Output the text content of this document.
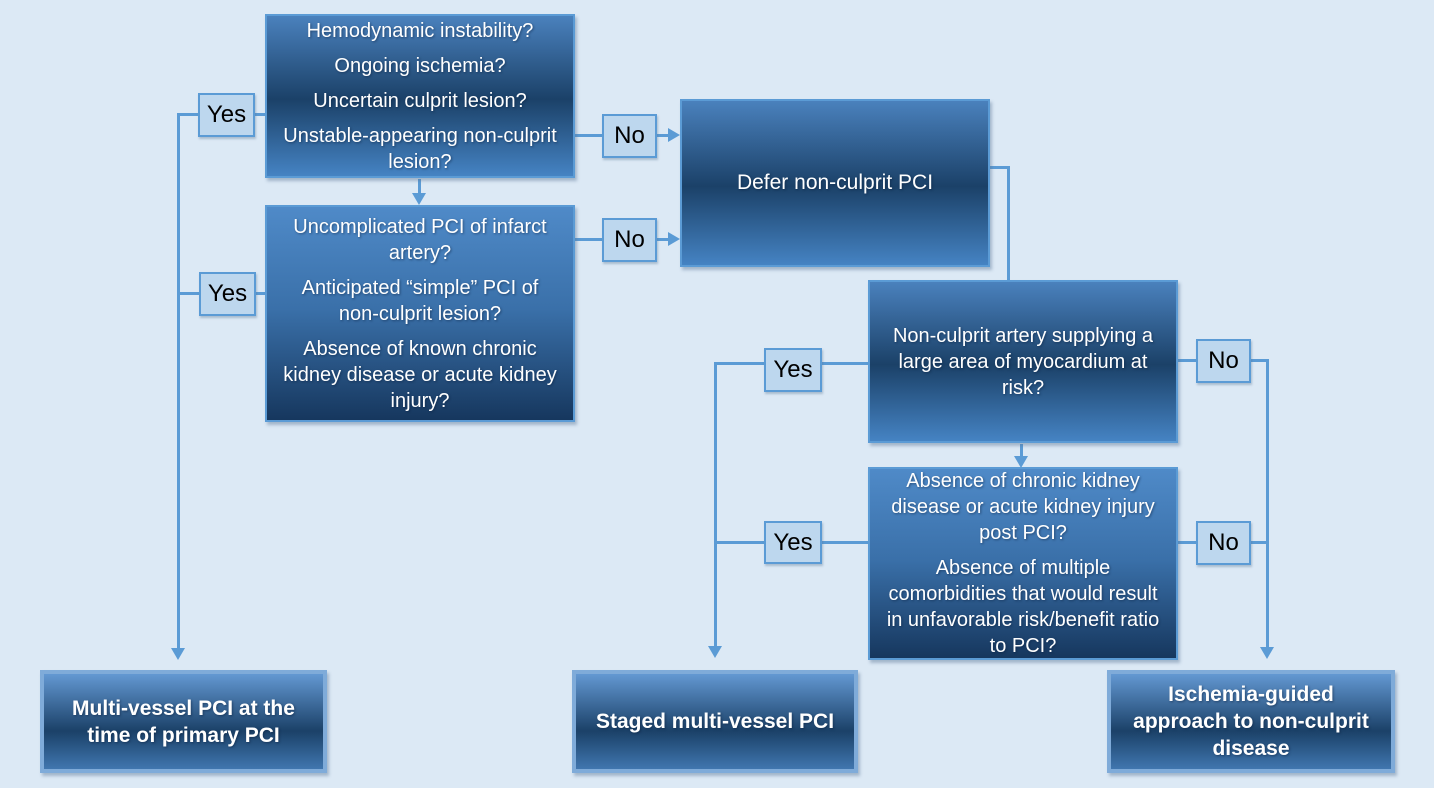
Hemodynamic instability?

Ongoing ischemia?

Uncertain culprit lesion?

Unstable-appearing non-culprit lesion?

Uncomplicated PCI of infarct artery?

Anticipated “simple” PCI of non-culprit lesion?

Absence of known chronic kidney disease or acute kidney injury?

Defer non-culprit PCI

Non-culprit artery supplying a large area of myocardium at risk?

Absence of chronic kidney disease or acute kidney injury post PCI?

Absence of multiple comorbidities that would result in unfavorable risk/benefit ratio to PCI?

Multi-vessel PCI at the time of primary PCI

Staged multi-vessel PCI

Ischemia-guided approach to non-culprit disease

Yes
Yes
No
No
Yes
Yes
No
No
